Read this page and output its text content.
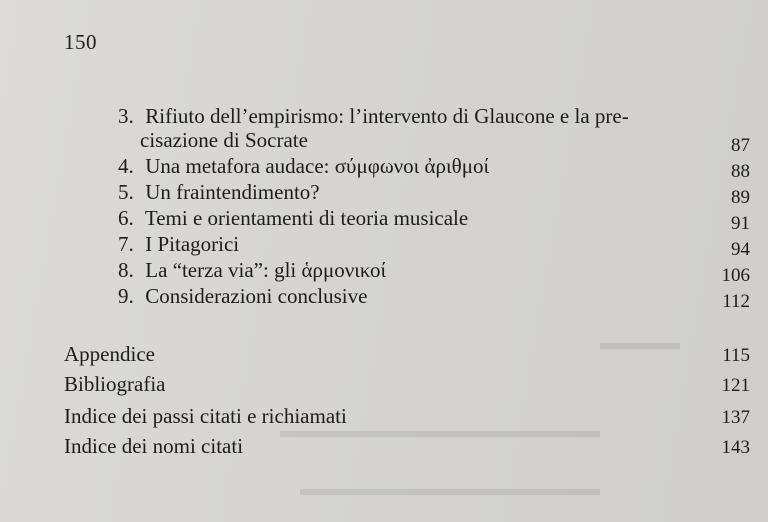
▬▬▬▬
▬▬▬▬▬▬▬▬▬▬▬▬▬▬▬▬
▬▬▬▬▬▬▬▬▬▬▬▬▬▬▬
150
3. Rifiuto dell’empirismo: l’intervento di Glaucone e la pre-
cisazione di Socrate	87
4. Una metafora audace: σύμφωνοι ἀριθμοί	88
5. Un fraintendimento?	89
6. Temi e orientamenti di teoria musicale	91
7. I Pitagorici	94
8. La “terza via”: gli ἁρμονικοί	106
9. Considerazioni conclusive	112
Appendice	115
Bibliografia	121
Indice dei passi citati e richiamati	137
Indice dei nomi citati	143
